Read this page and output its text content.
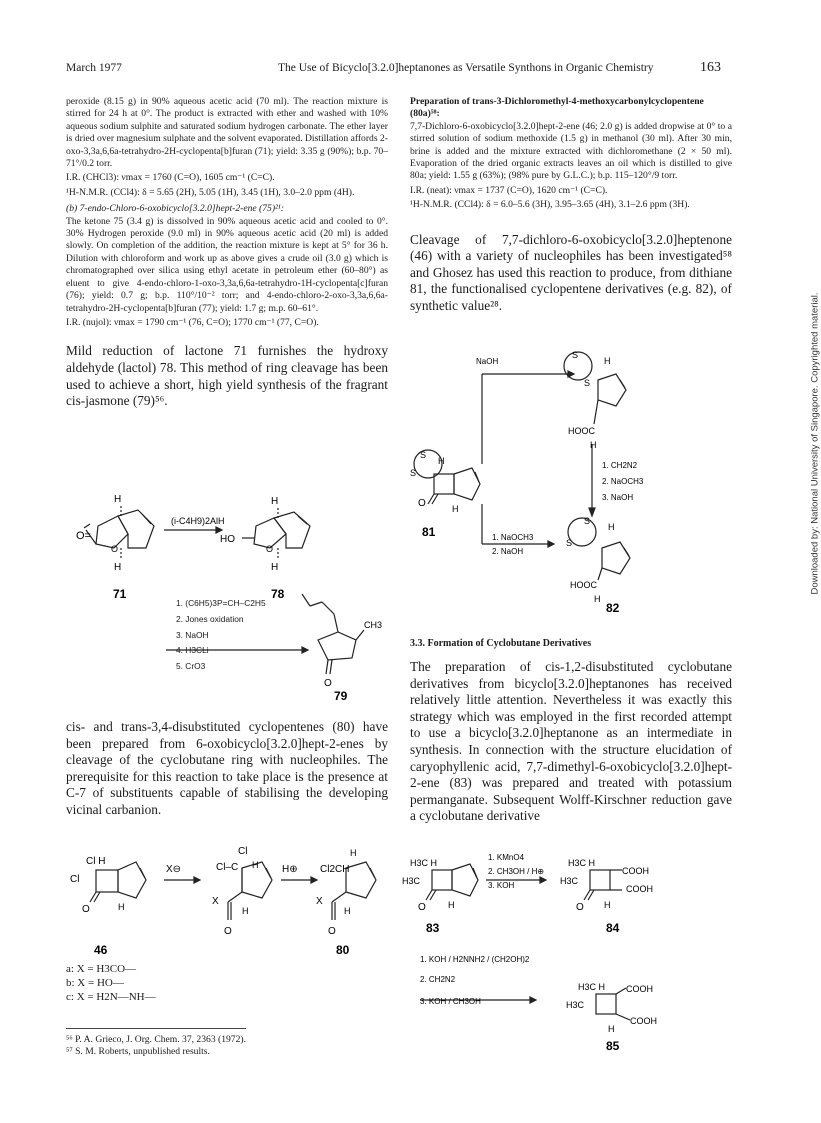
March 1977	The Use of Bicyclo[3.2.0]heptanones as Versatile Synthons in Organic Chemistry	163
Downloaded by: National University of Singapore. Copyrighted material.

peroxide (8.15 g) in 90% aqueous acetic acid (70 ml). The reaction mixture is stirred for 24 h at 0°. The product is extracted with ether and washed with 10% aqueous sodium sulphite and saturated sodium hydrogen carbonate. The ether layer is dried over magnesium sulphate and the solvent evaporated. Distillation affords 2-oxo-3,3a,6,6a-tetrahydro-2H-cyclopenta[b]furan (71); yield: 3.35 g (90%); b.p. 70–71°/0.2 torr.

I.R. (CHCl3): νmax = 1760 (C=O), 1605 cm⁻¹ (C=C).

¹H-N.M.R. (CCl4): δ = 5.65 (2H), 5.05 (1H), 3.45 (1H), 3.0–2.0 ppm (4H).

(b) 7-endo-Chloro-6-oxobicyclo[3.2.0]hept-2-ene (75)²¹:

The ketone 75 (3.4 g) is dissolved in 90% aqueous acetic acid and cooled to 0°. 30% Hydrogen peroxide (9.0 ml) in 90% aqueous acetic acid (20 ml) is added slowly. On completion of the addition, the reaction mixture is kept at 5° for 36 h. Dilution with chloroform and work up as above gives a crude oil (3.0 g) which is chromatographed over silica using ethyl acetate in petroleum ether (60–80°) as eluent to give 4-endo-chloro-1-oxo-3,3a,6,6a-tetrahydro-1H-cyclopenta[c]furan (76); yield: 0.7 g; b.p. 110°/10⁻² torr; and 4-endo-chloro-2-oxo-3,3a,6,6a-tetrahydro-2H-cyclopenta[b]furan (77); yield: 1.7 g; m.p. 60–61°.

I.R. (nujol): νmax = 1790 cm⁻¹ (76, C=O); 1770 cm⁻¹ (77, C=O).

Mild reduction of lactone 71 furnishes the hydroxy aldehyde (lactol) 78. This method of ring cleavage has been used to achieve a short, high yield synthesis of the fragrant cis-jasmone (79)⁵⁶.

O=
H
H
O
(i-C4H9)2AlH
HO
H
H
O
71	78
CH3
O
79
1. (C6H5)3P=CH–C2H5
2. Jones oxidation
3. NaOH
4. H3CLi
5. CrO3

cis- and trans-3,4-disubstituted cyclopentenes (80) have been prepared from 6-oxobicyclo[3.2.0]hept-2-enes by cleavage of the cyclobutane ring with nucleophiles. The prerequisite for this reaction to take place is the presence at C-7 of substituents capable of stabilising the developing vicinal carbanion.

Cl
Cl H
O	H
X⊖
Cl
Cl–C H
X
O
H
H⊕ Cl2CH
H
X
O
H
46	80
a: X = H3CO—
b: X = HO—
c: X = H2N—NH—
⁵⁶ P. A. Grieco, J. Org. Chem. 37, 2363 (1972).
⁵⁷ S. M. Roberts, unpublished results.

Preparation of trans-3-Dichloromethyl-4-methoxycarbonylcyclopentene (80a)⁵⁸:

7,7-Dichloro-6-oxobicyclo[3.2.0]hept-2-ene (46; 2.0 g) is added dropwise at 0° to a stirred solution of sodium methoxide (1.5 g) in methanol (30 ml). After 30 min, brine is added and the mixture extracted with dichloromethane (2 × 50 ml). Evaporation of the dried organic extracts leaves an oil which is distilled to give 80a; yield: 1.55 g (63%); (98% pure by G.L.C.); b.p. 115–120°/9 torr.

I.R. (neat): νmax = 1737 (C=O), 1620 cm⁻¹ (C=C).

¹H-N.M.R. (CCl4): δ = 6.0–5.6 (3H), 3.95–3.65 (4H), 3.1–2.6 ppm (3H).

Cleavage of 7,7-dichloro-6-oxobicyclo[3.2.0]heptenone (46) with a variety of nucleophiles has been investigated⁵⁸ and Ghosez has used this reaction to produce, from dithiane 81, the functionalised cyclopentene derivatives (e.g. 82), of synthetic value²⁸.

NaOH
S
H
S
O	H
81	1. NaOCH3
2. NaOH
S
H
S
HOOC
H
1. CH2N2
2. NaOCH3
3. NaOH
S
H
S
HOOC
H
82

3.3. Formation of Cyclobutane Derivatives

The preparation of cis-1,2-disubstituted cyclobutane derivatives from bicyclo[3.2.0]heptanones has received relatively little attention. Nevertheless it was exactly this strategy which was employed in the first recorded attempt to use a bicyclo[3.2.0]heptanone as an intermediate in synthesis. In connection with the structure elucidation of caryophyllenic acid, 7,7-dimethyl-6-oxobicyclo[3.2.0]hept-2-ene (83) was prepared and treated with potassium permanganate. Subsequent Wolff-Kirschner reduction gave a cyclobutane derivative

H3C H
H3C
O H
83
1. KMnO4
2. CH3OH / H⊕
3. KOH
H3C H
H3C
COOH
COOH
O H
84
1. KOH / H2NNH2 / (CH2OH)2
2. CH2N2
3. KOH / CH3OH
H3C H
H3C
COOH
COOH
H
85
